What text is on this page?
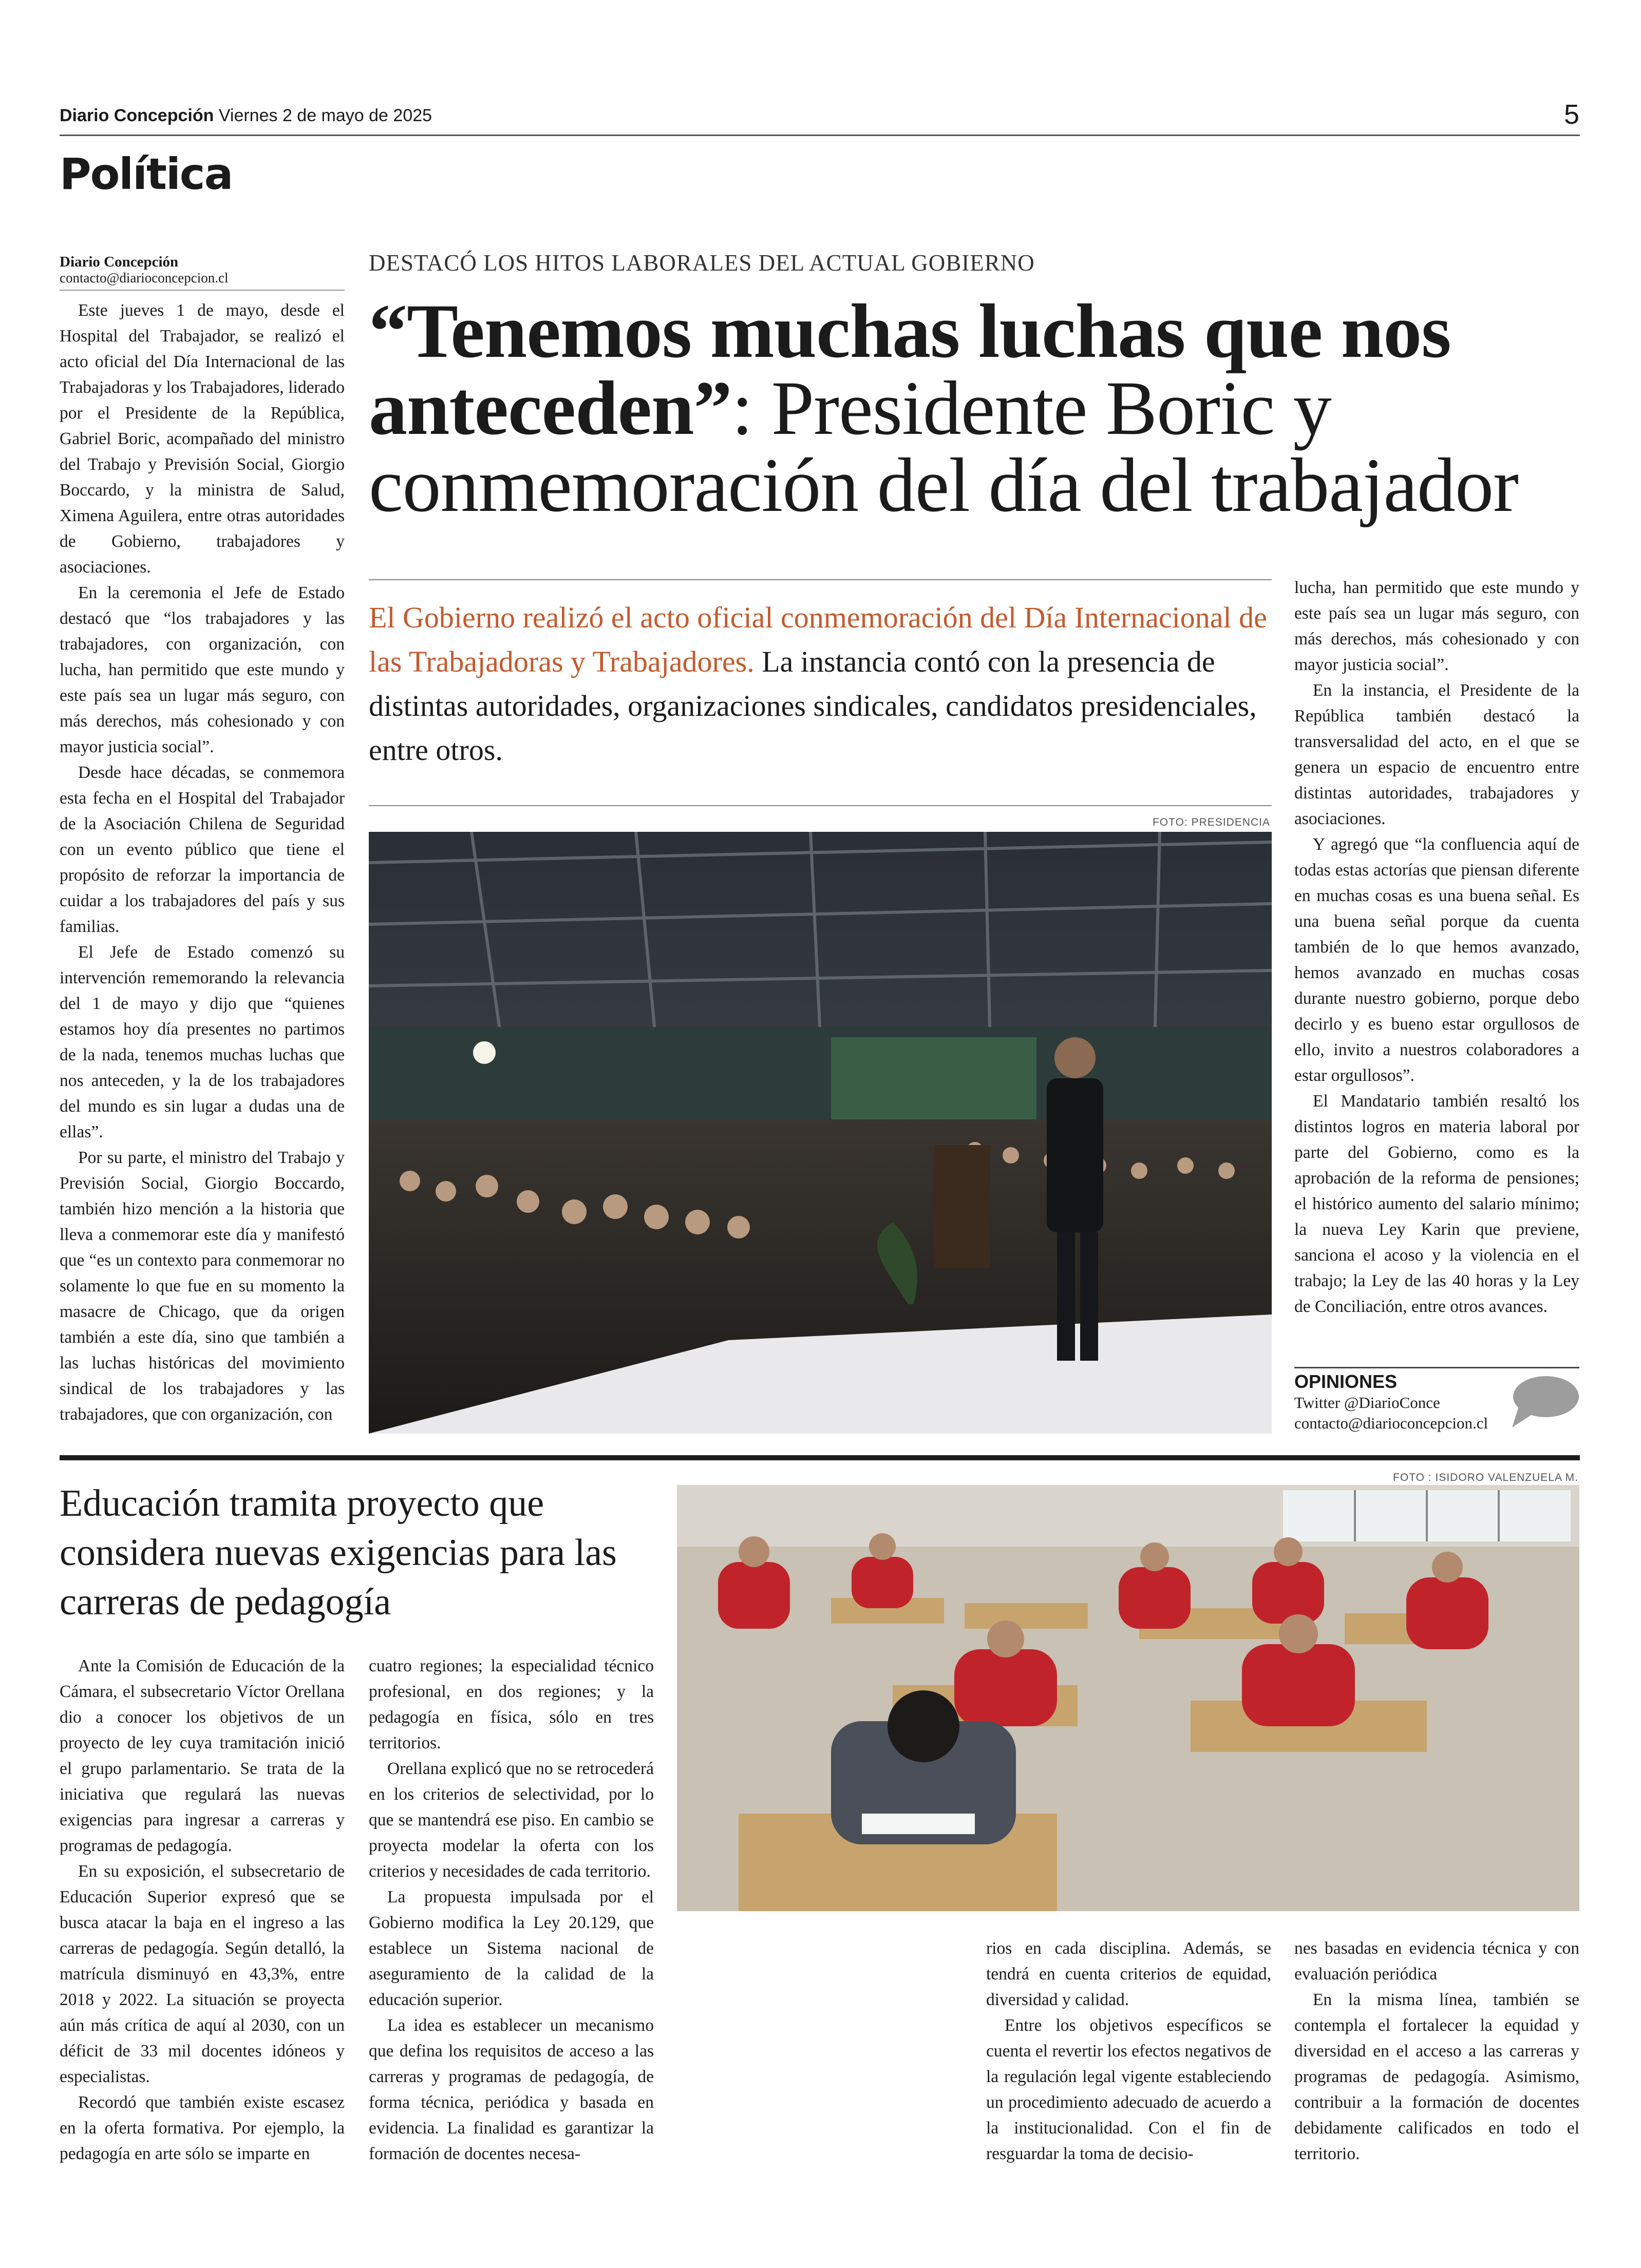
Diario Concepción Viernes 2 de mayo de 2025	5
Política
Diario Concepción
contacto@diarioconcepcion.cl

Este jueves 1 de mayo, desde el Hospital del Trabajador, se realizó el acto oficial del Día Internacional de las Trabajadoras y los Trabajadores, liderado por el Presidente de la República, Gabriel Boric, acompañado del ministro del Trabajo y Previsión Social, Giorgio Boccardo, y la ministra de Salud, Ximena Aguilera, entre otras autoridades de Gobierno, trabajadores y asociaciones.

En la ceremonia el Jefe de Estado destacó que “los trabajadores y las trabajadores, con organización, con lucha, han permitido que este mundo y este país sea un lugar más seguro, con más derechos, más cohesionado y con mayor justicia social”.

Desde hace décadas, se conmemora esta fecha en el Hospital del Trabajador de la Asociación Chilena de Seguridad con un evento público que tiene el propósito de reforzar la importancia de cuidar a los trabajadores del país y sus familias.

El Jefe de Estado comenzó su intervención rememorando la relevancia del 1 de mayo y dijo que “quienes estamos hoy día presentes no partimos de la nada, tenemos muchas luchas que nos anteceden, y la de los trabajadores del mundo es sin lugar a dudas una de ellas”.

Por su parte, el ministro del Trabajo y Previsión Social, Giorgio Boccardo, también hizo mención a la historia que lleva a conmemorar este día y manifestó que “es un contexto para conmemorar no solamente lo que fue en su momento la masacre de Chicago, que da origen también a este día, sino que también a las luchas históricas del movimiento sindical de los trabajadores y las trabajadores, que con organización, con

DESTACÓ LOS HITOS LABORALES DEL ACTUAL GOBIERNO
“Tenemos muchas luchas que nos anteceden”: Presidente Boric y conmemoración del día del trabajador
El Gobierno realizó el acto oficial conmemoración del Día Internacional de las Trabajadoras y Trabajadores. La instancia contó con la presencia de distintas autoridades, organizaciones sindicales, candidatos presidenciales, entre otros.
FOTO: PRESIDENCIA

lucha, han permitido que este mundo y este país sea un lugar más seguro, con más derechos, más cohesionado y con mayor justicia social”.

En la instancia, el Presidente de la República también destacó la transversalidad del acto, en el que se genera un espacio de encuentro entre distintas autoridades, trabajadores y asociaciones.

Y agregó que “la confluencia aquí de todas estas actorías que piensan diferente en muchas cosas es una buena señal. Es una buena señal porque da cuenta también de lo que hemos avanzado, hemos avanzado en muchas cosas durante nuestro gobierno, porque debo decirlo y es bueno estar orgullosos de ello, invito a nuestros colaboradores a estar orgullosos”.

El Mandatario también resaltó los distintos logros en materia laboral por parte del Gobierno, como es la aprobación de la reforma de pensiones; el histórico aumento del salario mínimo; la nueva Ley Karin que previene, sanciona el acoso y la violencia en el trabajo; la Ley de las 40 horas y la Ley de Conciliación, entre otros avances.

OPINIONES
Twitter @DiarioConce
contacto@diarioconcepcion.cl
FOTO : ISIDORO VALENZUELA M.
Educación tramita proyecto que considera nuevas exigencias para las carreras de pedagogía

Ante la Comisión de Educación de la Cámara, el subsecretario Víctor Orellana dio a conocer los objetivos de un proyecto de ley cuya tramitación inició el grupo parlamentario. Se trata de la iniciativa que regulará las nuevas exigencias para ingresar a carreras y programas de pedagogía.

En su exposición, el subsecretario de Educación Superior expresó que se busca atacar la baja en el ingreso a las carreras de pedagogía. Según detalló, la matrícula disminuyó en 43,3%, entre 2018 y 2022. La situación se proyecta aún más crítica de aquí al 2030, con un déficit de 33 mil docentes idóneos y especialistas.

Recordó que también existe escasez en la oferta formativa. Por ejemplo, la pedagogía en arte sólo se imparte en

cuatro regiones; la especialidad técnico profesional, en dos regiones; y la pedagogía en física, sólo en tres territorios.

Orellana explicó que no se retrocederá en los criterios de selectividad, por lo que se mantendrá ese piso. En cambio se proyecta modelar la oferta con los criterios y necesidades de cada territorio.

La propuesta impulsada por el Gobierno modifica la Ley 20.129, que establece un Sistema nacional de aseguramiento de la calidad de la educación superior.

La idea es establecer un mecanismo que defina los requisitos de acceso a las carreras y programas de pedagogía, de forma técnica, periódica y basada en evidencia. La finalidad es garantizar la formación de docentes necesa-

rios en cada disciplina. Además, se tendrá en cuenta criterios de equidad, diversidad y calidad.

Entre los objetivos específicos se cuenta el revertir los efectos negativos de la regulación legal vigente estableciendo un procedimiento adecuado de acuerdo a la institucionalidad. Con el fin de resguardar la toma de decisio-

nes basadas en evidencia técnica y con evaluación periódica

En la misma línea, también se contempla el fortalecer la equidad y diversidad en el acceso a las carreras y programas de pedagogía. Asimismo, contribuir a la formación de docentes debidamente calificados en todo el territorio.
